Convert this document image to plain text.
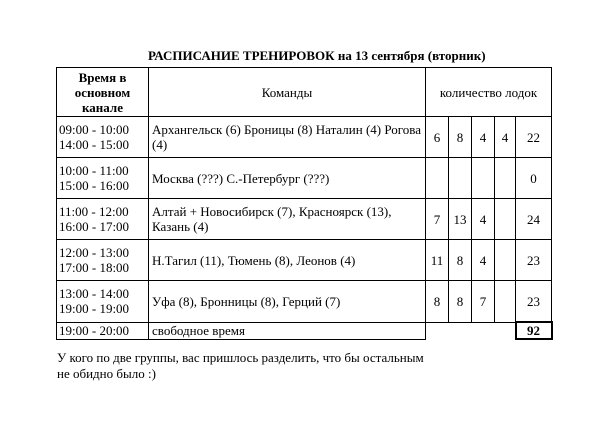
РАСПИСАНИЕ ТРЕНИРОВОК на 13 сентября (вторник)
Время в основном канале	Команды	количество лодок				

09:00 - 10:00
14:00 - 15:00	Архангельск (6) Броницы (8) Наталин (4) Рогова (4)	6	8	4	4	22

10:00 - 11:00
15:00 - 16:00	Москва (???) С.-Петербург (???)					0

11:00 - 12:00
16:00 - 17:00	Алтай + Новосибирск (7), Красноярск (13), Казань (4)	7	13	4		24

12:00 - 13:00
17:00 - 18:00	Н.Тагил (11), Тюмень (8), Леонов (4)	11	8	4		23

13:00 - 14:00
19:00 - 19:00	Уфа (8), Бронницы (8), Герций (7)	8	8	7		23
19:00 - 20:00	свободное время					92
У кого по две группы, вас пришлось разделить, что бы остальным не обидно было :)
